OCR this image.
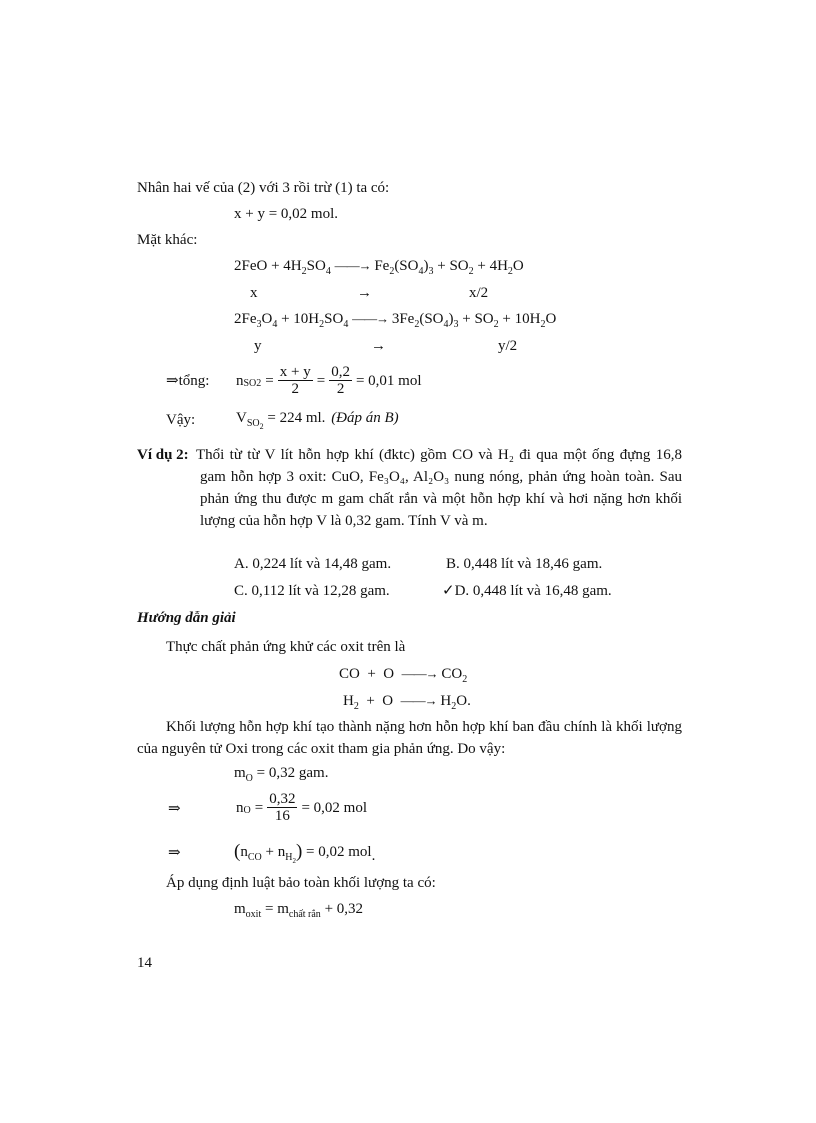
Nhân hai vế của (2) với 3 rồi trừ (1) ta có:
x + y = 0,02 mol.
Mặt khác:
$2FeO + 4H_2SO_4$ ——→ $Fe_2(SO_4)_3 + SO_2 + 4H_2O$
x	→	x/2
$2Fe_3O_4 + 10H_2SO_4$ ——→ $3Fe_2(SO_4)_3 + SO_2 + 10H_2O$
y	→	y/2
⇒tổng: n $SO2 = \frac{x + y}{2} = \frac{0,2}{2} = 0,01$ mol
Vậy:	$V_{SO2} = 224$ ml. (Đáp án B)
Ví dụ 2: Thổi từ từ V lít hỗn hợp khí (đktc) gồm CO và H₂ đi qua một ống đựng 16,8 gam hỗn hợp 3 oxit: CuO, Fe₃O₄, Al₂O₃ nung nóng, phản ứng hoàn toàn. Sau phản ứng thu được m gam chất rắn và một hỗn hợp khí và hơi nặng hơn khối lượng của hỗn hợp V là 0,32 gam. Tính V và m.
A. 0,224 lít và 14,48 gam.	B. 0,448 lít và 18,46 gam.
C. 0,112 lít và 12,28 gam.	✓D. 0,448 lít và 16,48 gam.
Hướng dẫn giải
Thực chất phản ứng khử các oxit trên là
CO  +  O  ——→ $CO_2$
$H_2 + O$  ——→ $H_2O$.
Khối lượng hỗn hợp khí tạo thành nặng hơn hỗn hợp khí ban đầu chính là khối lượng của nguyên tử Oxi trong các oxit tham gia phản ứng. Do vậy:
$m_O = 0,32$ gam.
⇒	n $O = \frac{0,32}{16} = 0,02$ mol
⇒	$(n_{CO} + n_{H2}) = 0,02$ mol.
Áp dụng định luật bảo toàn khối lượng ta có:
$m_{oxit} = m_{chất rắn} + 0,32$
14
